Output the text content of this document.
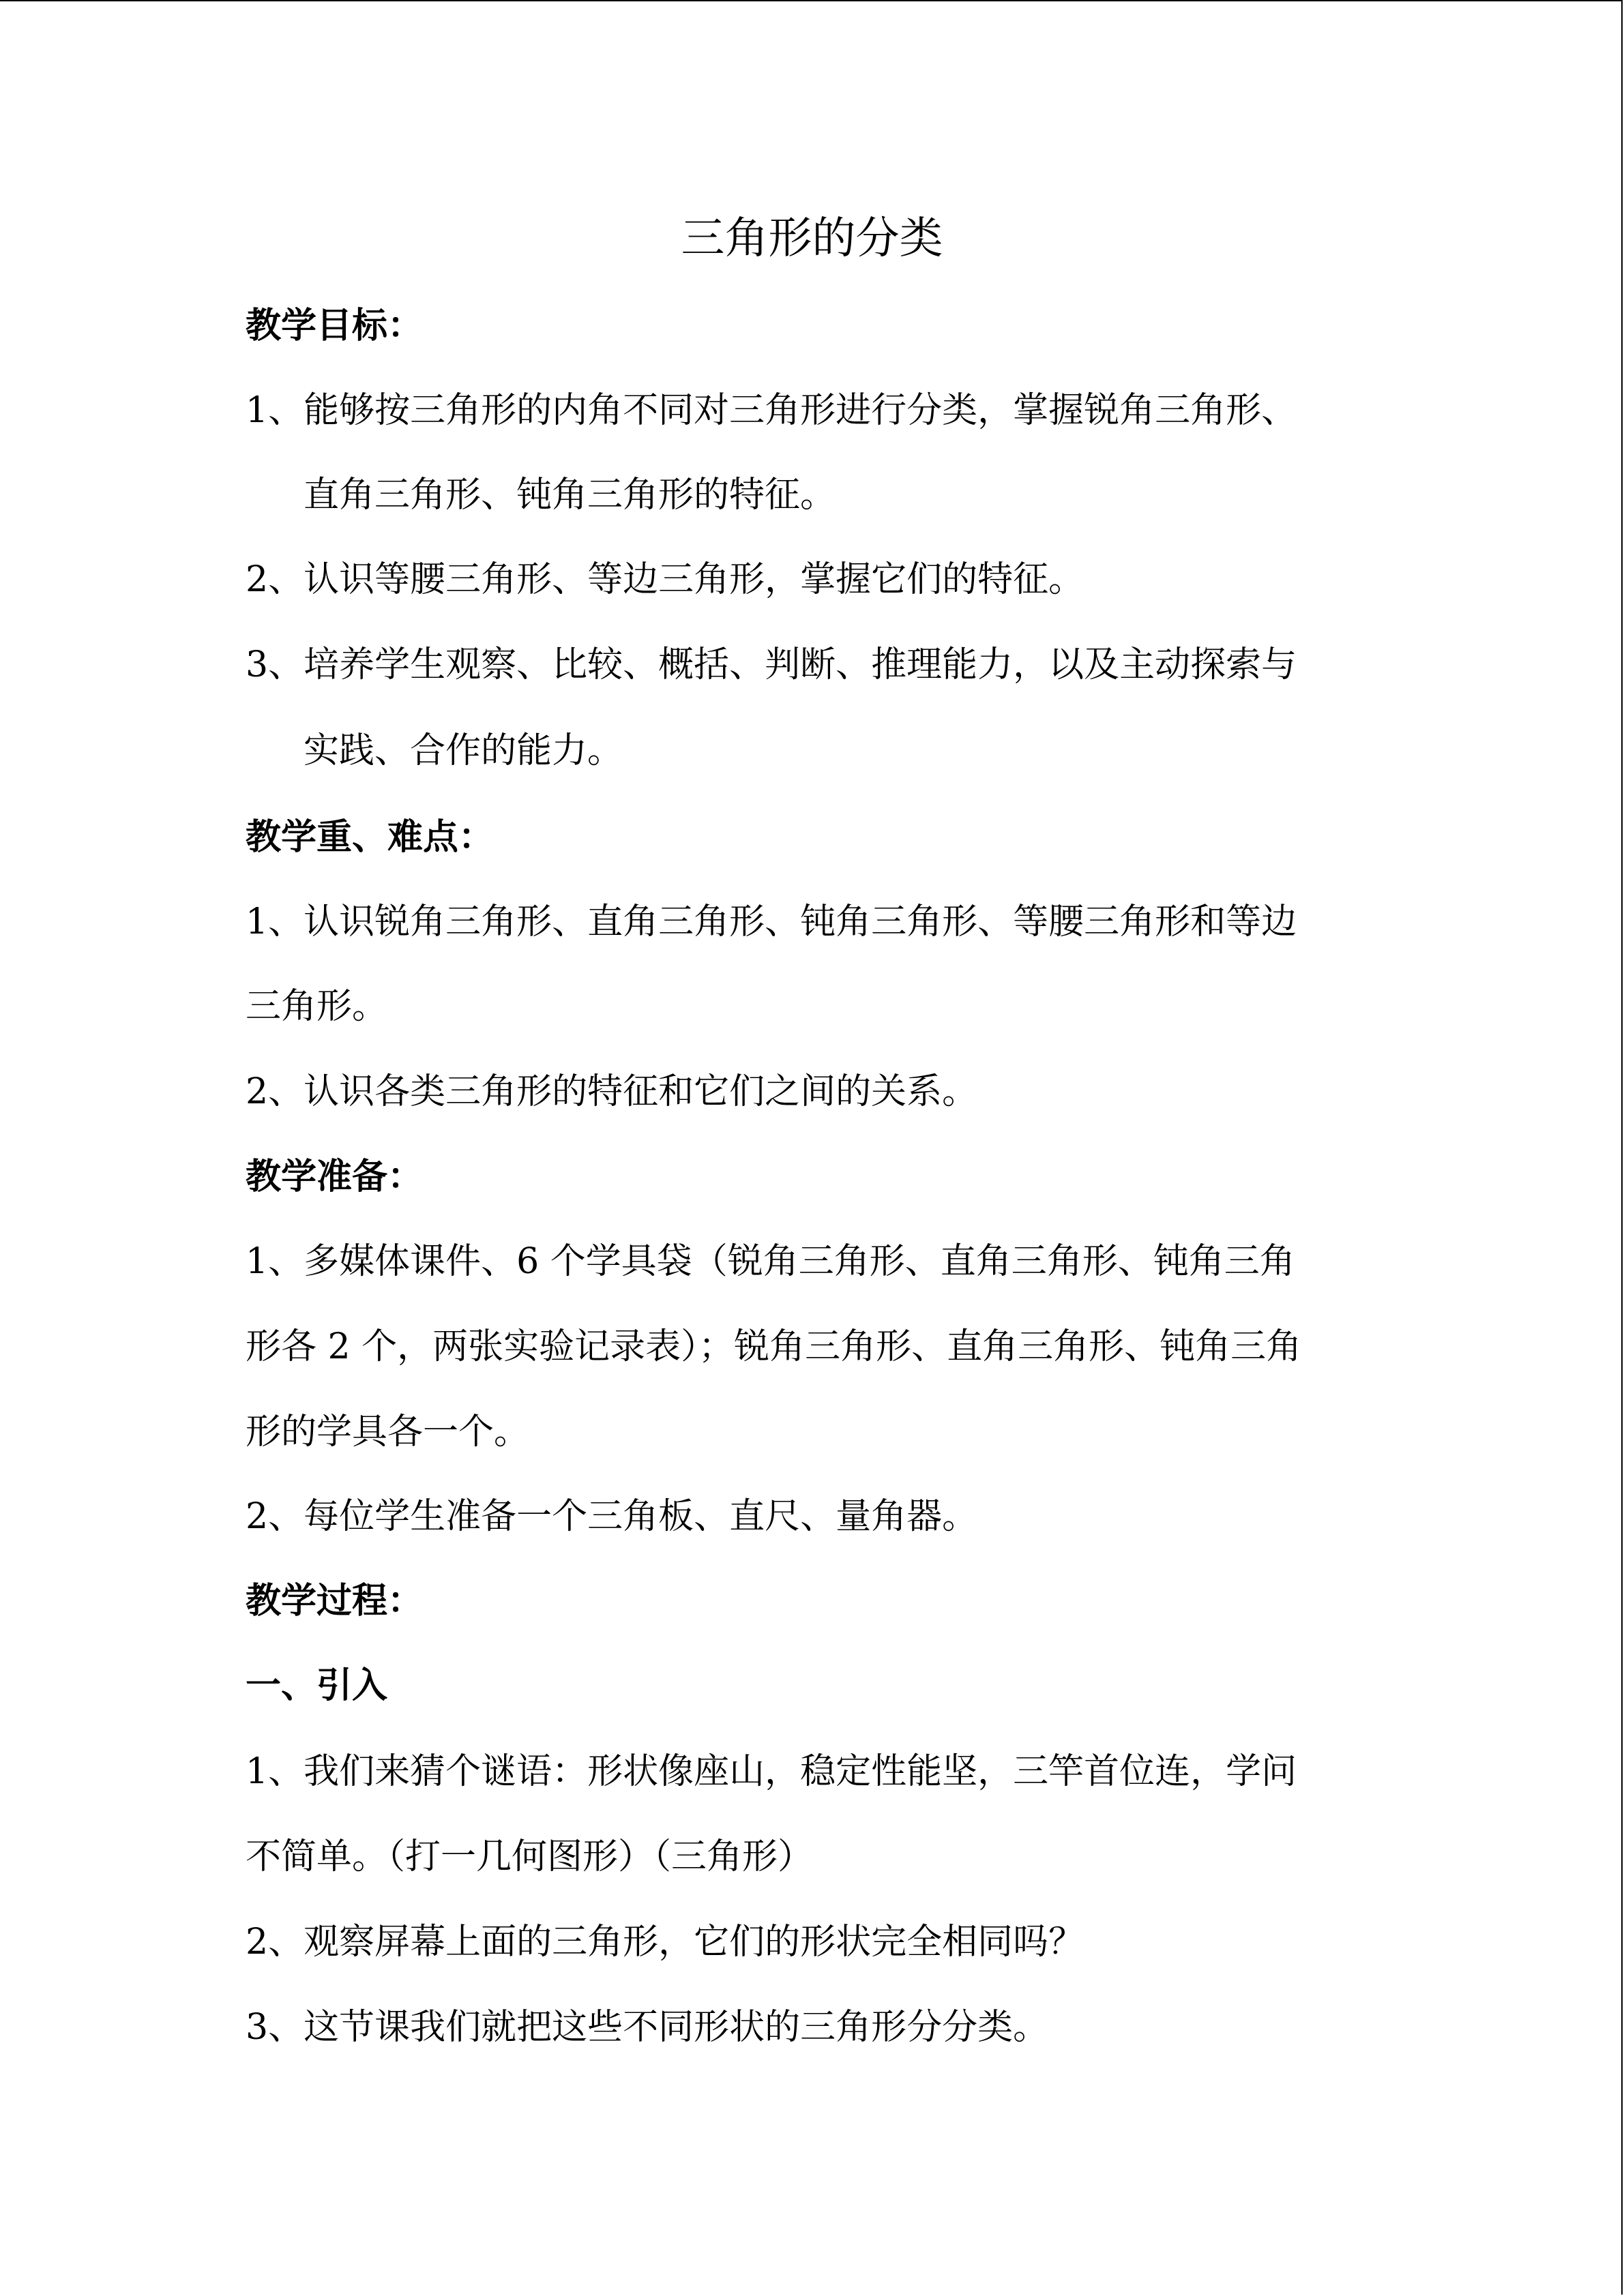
三角形的分类

教学目标：

1、能够按三角形的内角不同对三角形进行分类，掌握锐角三角形、

直角三角形、钝角三角形的特征。

2、认识等腰三角形、等边三角形，掌握它们的特征。

3、培养学生观察、比较、概括、判断、推理能力，以及主动探索与

实践、合作的能力。

教学重、难点：

1、认识锐角三角形、直角三角形、钝角三角形、等腰三角形和等边

三角形。

2、认识各类三角形的特征和它们之间的关系。

教学准备：

1、多媒体课件、6 个学具袋（锐角三角形、直角三角形、钝角三角

形各 2 个，两张实验记录表）；锐角三角形、直角三角形、钝角三角

形的学具各一个。

2、每位学生准备一个三角板、直尺、量角器。

教学过程：

一、引入

1、我们来猜个谜语：形状像座山，稳定性能坚，三竿首位连，学问

不简单。（打一几何图形）（三角形）

2、观察屏幕上面的三角形，它们的形状完全相同吗？

3、这节课我们就把这些不同形状的三角形分分类。
